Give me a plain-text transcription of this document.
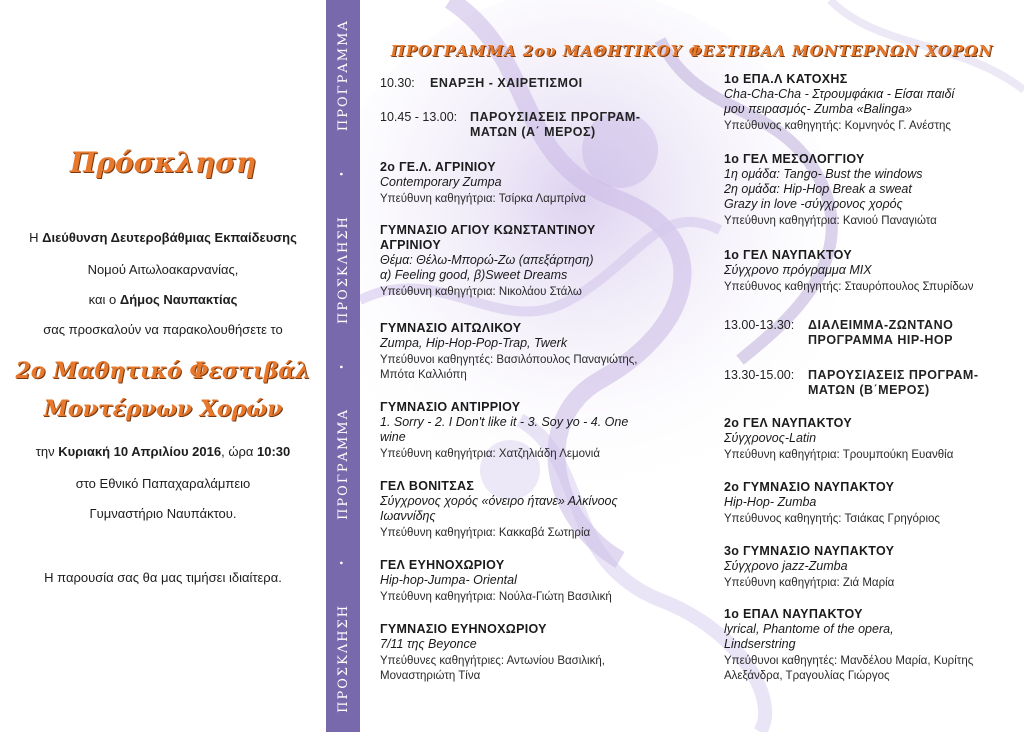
Πρόσκληση
Η Διεύθυνση Δευτεροβάθμιας Εκπαίδευσης
Νομού Αιτωλοακαρνανίας,
και ο Δήμος Ναυπακτίας
σας προσκαλούν να παρακολουθήσετε το
2ο Μαθητικό Φεστιβάλ
Μοντέρνων Χορών
την Κυριακή 10 Απριλίου 2016, ώρα 10:30
στο Εθνικό Παπαχαραλάμπειο
Γυμναστήριο Ναυπάκτου.
Η παρουσία σας θα μας τιμήσει ιδιαίτερα.
ΠΡΟΣΚΛΗΣΗ
•
ΠΡΟΓΡΑΜΜΑ
•
ΠΡΟΣΚΛΗΣΗ
•
ΠΡΟΓΡΑΜΜΑ	ΠΡΟΓΡΑΜΜΑ 2ου ΜΑΘΗΤΙΚΟΥ ΦΕΣΤΙΒΑΛ ΜΟΝΤΕΡΝΩΝ ΧΟΡΩΝ
10.30: ΕΝΑΡΞΗ - ΧΑΙΡΕΤΙΣΜΟΙ
10.45 - 13.00: ΠΑΡΟΥΣΙΑΣΕΙΣ ΠΡΟΓΡΑΜ-
ΜΑΤΩΝ (Α΄ ΜΕΡΟΣ)
2ο ΓΕ.Λ. ΑΓΡΙΝΙΟΥ
Contemporary Zumpa
Υπεύθυνη καθηγήτρια: Τσίρκα Λαμπρίνα
ΓΥΜΝΑΣΙΟ ΑΓΙΟΥ ΚΩΝΣΤΑΝΤΙΝΟΥ
ΑΓΡΙΝΙΟΥ
Θέμα: Θέλω-Μπορώ-Ζω (απεξάρτηση)
α) Feeling good, β)Sweet Dreams
Υπεύθυνη καθηγήτρια: Νικολάου Στάλω
ΓΥΜΝΑΣΙΟ ΑΙΤΩΛΙΚΟΥ
Zumpa, Hip-Hop-Pop-Trap, Twerk
Υπεύθυνοι καθηγητές: Βασιλόπουλος Παναγιώτης,
Μπότα Καλλιόπη
ΓΥΜΝΑΣΙΟ ΑΝΤΙΡΡΙΟΥ
1. Sorry - 2. I Don't like it - 3. Soy yo - 4. One
wine
Υπεύθυνη καθηγήτρια: Χατζηλιάδη Λεμονιά
ΓΕΛ ΒΟΝΙΤΣΑΣ
Σύγχρονος χορός «όνειρο ήτανε» Αλκίνοος
Ιωαννίδης
Υπεύθυνη καθηγήτρια: Κακκαβά Σωτηρία
ΓΕΛ ΕΥΗΝΟΧΩΡΙΟΥ
Hip-hop-Jumpa- Oriental
Υπεύθυνη καθηγήτρια: Νούλα-Γιώτη Βασιλική
ΓΥΜΝΑΣΙΟ ΕΥΗΝΟΧΩΡΙΟΥ
7/11 της Beyonce
Υπεύθυνες καθηγήτριες: Αντωνίου Βασιλική,
Μοναστηριώτη Τίνα
1ο ΕΠΑ.Λ ΚΑΤΟΧΗΣ
Cha-Cha-Cha - Στρουμφάκια - Είσαι παιδί
μου πειρασμός- Zumba «Balinga»
Υπεύθυνος καθηγητής: Κομνηνός Γ. Ανέστης
1ο ΓΕΛ ΜΕΣΟΛΟΓΓΙΟΥ
1η ομάδα: Tango- Bust the windows
2η ομάδα: Hip-Hop Break a sweat
Grazy in love -σύγχρονος χορός
Υπεύθυνη καθηγήτρια: Κανιού Παναγιώτα
1ο ΓΕΛ ΝΑΥΠΑΚΤΟΥ
Σύγχρονο πρόγραμμα MIX
Υπεύθυνος καθηγητής: Σταυρόπουλος Σπυρίδων
13.00-13.30: ΔΙΑΛΕΙΜΜΑ-ΖΩΝΤΑΝΟ
ΠΡΟΓΡΑΜΜΑ HIP-HOP
13.30-15.00: ΠΑΡΟΥΣΙΑΣΕΙΣ ΠΡΟΓΡΑΜ-
ΜΑΤΩΝ (Β΄ΜΕΡΟΣ)
2ο ΓΕΛ ΝΑΥΠΑΚΤΟΥ
Σύγχρονος-Latin
Υπεύθυνη καθηγήτρια: Τρουμπούκη Ευανθία
2ο ΓΥΜΝΑΣΙΟ ΝΑΥΠΑΚΤΟΥ
Hip-Hop- Zumba
Υπεύθυνος καθηγητής: Τσιάκας Γρηγόριος
3ο ΓΥΜΝΑΣΙΟ ΝΑΥΠΑΚΤΟΥ
Σύγχρονο jazz-Zumba
Υπεύθυνη καθηγήτρια: Ζιά Μαρία
1ο ΕΠΑΛ ΝΑΥΠΑΚΤΟΥ
lyrical, Phantome of the opera,
Lindserstring
Υπεύθυνοι καθηγητές: Μανδέλου Μαρία, Κυρίτης
Αλεξάνδρα, Τραγουλίας Γιώργος
